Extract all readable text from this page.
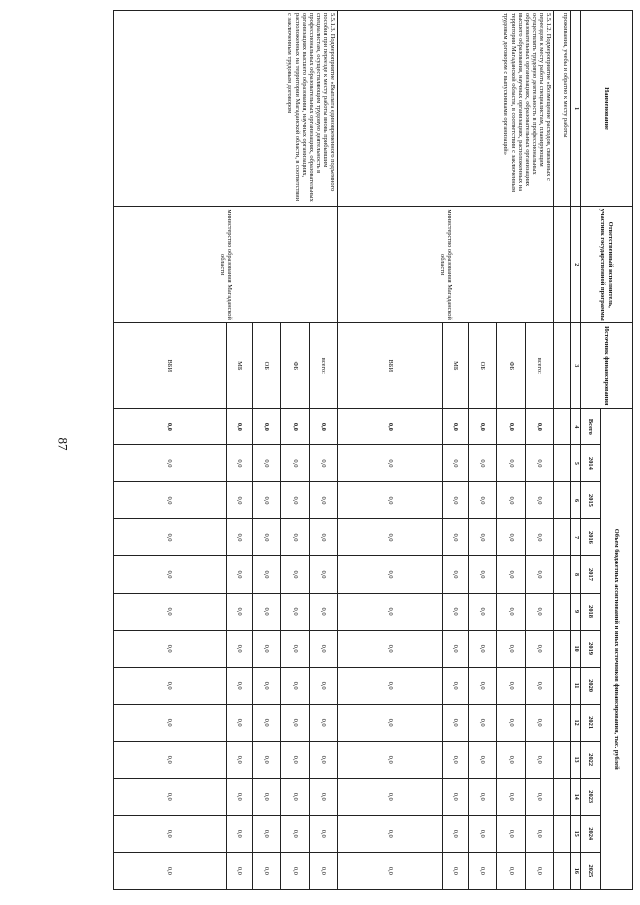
87
Наименование	Ответственный исполнитель, участник государственной программы	Источник финансирования	Объем бюджетных ассигнований и иных источников финансирования, тыс. рублей												
			Всего	2014	2015	2016	2017	2018	2019	2020	2021	2022	2023	2024	2025
1	2	3	4	5	6	7	8	9	10	11	12	13	14	15	16
проживания, учебы и обратно к месту работы															
5.5.1.2. Подмероприятие «Возмещение расходов, связанных с переездом к месту работы специалистам, планирующим осуществлять трудовую деятельность в профессиональных образовательных организациях, образовательных организациях высшего образования, научных организациях, расположенных на территории Магаданской области, в соответствии с заключенным трудовым договором с выпускниками организаций»	министерство образования Магаданской области	всего:	0,0	0,0	0,0	0,0	0,0	0,0	0,0	0,0	0,0	0,0	0,0	0,0	0,0
		ФБ	0,0	0,0	0,0	0,0	0,0	0,0	0,0	0,0	0,0	0,0	0,0	0,0	0,0
		ОБ	0,0	0,0	0,0	0,0	0,0	0,0	0,0	0,0	0,0	0,0	0,0	0,0	0,0
		МБ	0,0	0,0	0,0	0,0	0,0	0,0	0,0	0,0	0,0	0,0	0,0	0,0	0,0
		ВБИ	0,0	0,0	0,0	0,0	0,0	0,0	0,0	0,0	0,0	0,0	0,0	0,0	0,0
5.5.1.3. Подмероприятие «Выплата единовременного подъемного пособия при переезде к месту работы вновь прибывшим специалистам, осуществляющим трудовую деятельность в профессиональных образовательных организациях, образовательных организациях высшего образования, научных организациях, расположенных на территории Магаданской области, в соответствии с заключенным трудовым договором	министерство образования Магаданской области	всего:	0,0	0,0	0,0	0,0	0,0	0,0	0,0	0,0	0,0	0,0	0,0	0,0	0,0
		ФБ	0,0	0,0	0,0	0,0	0,0	0,0	0,0	0,0	0,0	0,0	0,0	0,0	0,0
		ОБ	0,0	0,0	0,0	0,0	0,0	0,0	0,0	0,0	0,0	0,0	0,0	0,0	0,0
		МБ	0,0	0,0	0,0	0,0	0,0	0,0	0,0	0,0	0,0	0,0	0,0	0,0	0,0
		ВБИ	0,0	0,0	0,0	0,0	0,0	0,0	0,0	0,0	0,0	0,0	0,0	0,0	0,0
